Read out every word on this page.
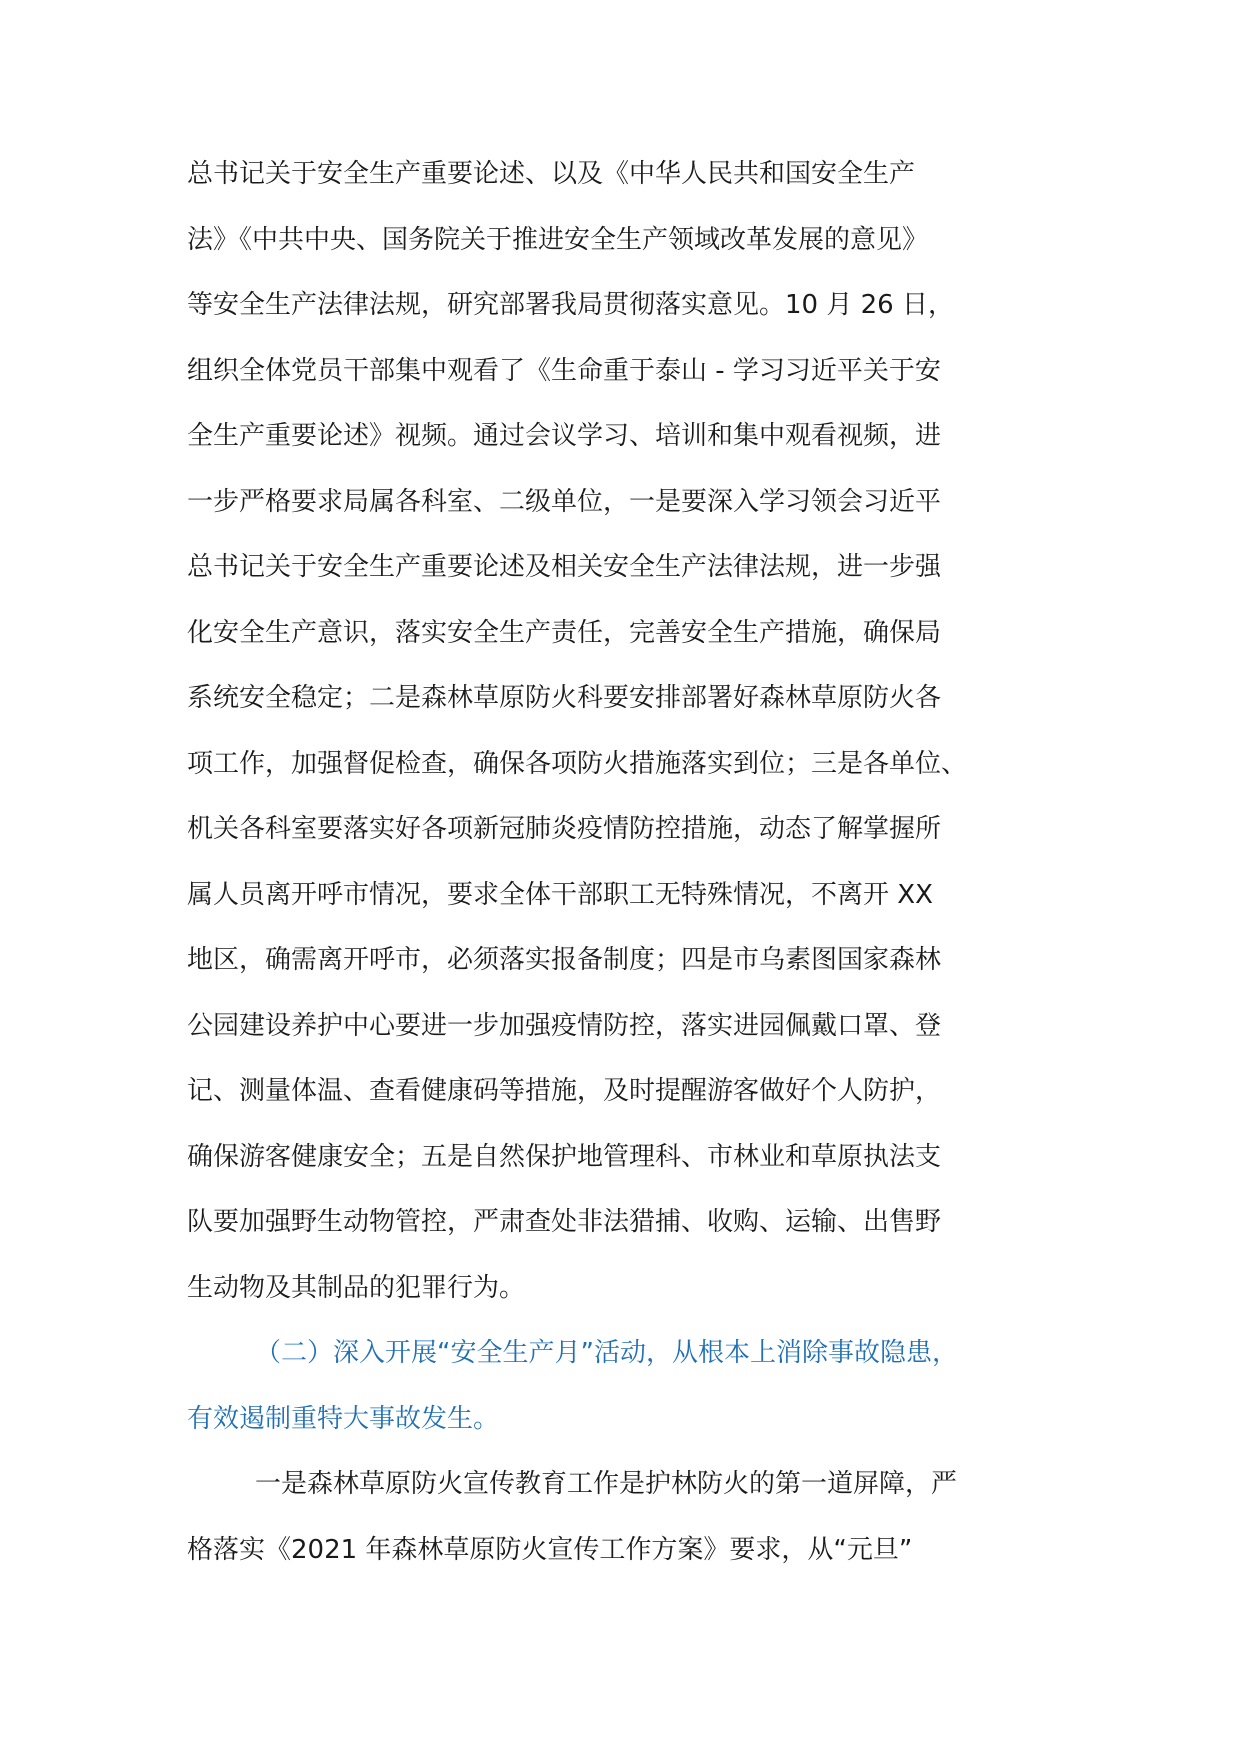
总书记关于安全生产重要论述、以及《中华人民共和国安全生产
法》《中共中央、国务院关于推进安全生产领域改革发展的意见》
等安全生产法律法规，研究部署我局贯彻落实意见。10 月 26 日，
组织全体党员干部集中观看了《生命重于泰山 - 学习习近平关于安
全生产重要论述》视频。通过会议学习、培训和集中观看视频，进
一步严格要求局属各科室、二级单位，一是要深入学习领会习近平
总书记关于安全生产重要论述及相关安全生产法律法规，进一步强
化安全生产意识，落实安全生产责任，完善安全生产措施，确保局
系统安全稳定；二是森林草原防火科要安排部署好森林草原防火各
项工作，加强督促检查，确保各项防火措施落实到位；三是各单位、
机关各科室要落实好各项新冠肺炎疫情防控措施，动态了解掌握所
属人员离开呼市情况，要求全体干部职工无特殊情况，不离开 XX
地区，确需离开呼市，必须落实报备制度；四是市乌素图国家森林
公园建设养护中心要进一步加强疫情防控，落实进园佩戴口罩、登
记、测量体温、查看健康码等措施，及时提醒游客做好个人防护，
确保游客健康安全；五是自然保护地管理科、市林业和草原执法支
队要加强野生动物管控，严肃查处非法猎捕、收购、运输、出售野
生动物及其制品的犯罪行为。
（二）深入开展“安全生产月”活动，从根本上消除事故隐患，
有效遏制重特大事故发生。
一是森林草原防火宣传教育工作是护林防火的第一道屏障，严
格落实《2021 年森林草原防火宣传工作方案》要求，从“元旦”
